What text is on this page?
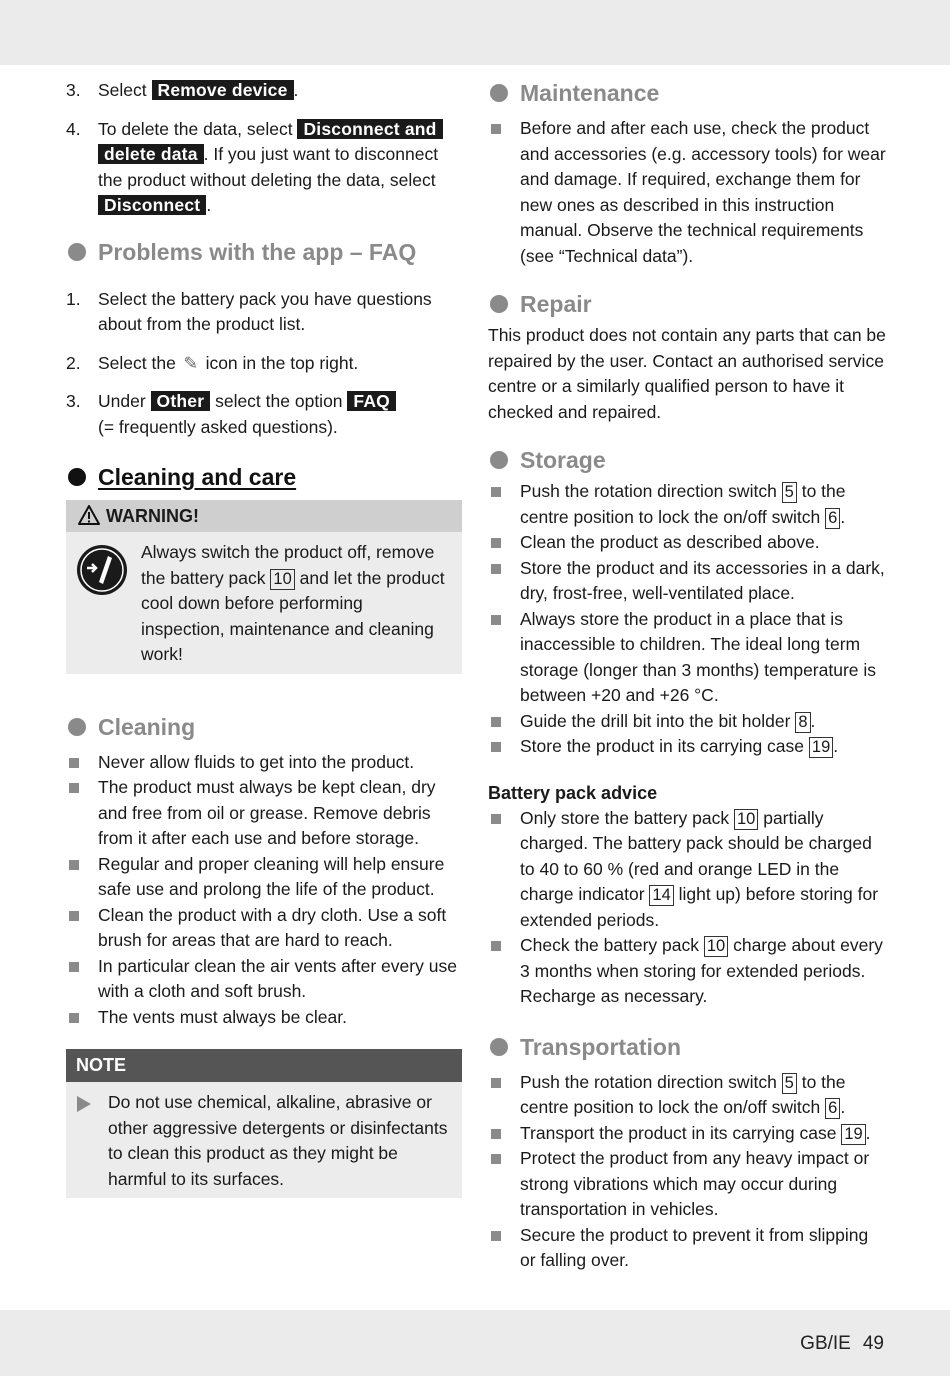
3. Select Remove device .
4. To delete the data, select Disconnect and delete data . If you just want to disconnect the product without deleting the data, select Disconnect .
Problems with the app – FAQ
1. Select the battery pack you have questions about from the product list.
2. Select the ✎ icon in the top right.
3. Under Other select the option FAQ
(= frequently asked questions).
Cleaning and care
WARNING!
Always switch the product off, remove the battery pack 10 and let the product cool down before performing inspection, maintenance and cleaning work!
Cleaning
Never allow fluids to get into the product.
The product must always be kept clean, dry and free from oil or grease. Remove debris from it after each use and before storage.
Regular and proper cleaning will help ensure safe use and prolong the life of the product.
Clean the product with a dry cloth. Use a soft brush for areas that are hard to reach.
In particular clean the air vents after every use with a cloth and soft brush.
The vents must always be clear.
NOTE
Do not use chemical, alkaline, abrasive or other aggressive detergents or disinfectants to clean this product as they might be harmful to its surfaces.
Maintenance
Before and after each use, check the product and accessories (e.g. accessory tools) for wear and damage. If required, exchange them for new ones as described in this instruction manual. Observe the technical requirements (see “Technical data”).
Repair
This product does not contain any parts that can be repaired by the user. Contact an authorised service centre or a similarly qualified person to have it checked and repaired.
Storage
Push the rotation direction switch 5 to the centre position to lock the on/off switch 6 .
Clean the product as described above.
Store the product and its accessories in a dark, dry, frost-free, well-ventilated place.
Always store the product in a place that is inaccessible to children. The ideal long term storage (longer than 3 months) temperature is between +20 and +26 °C.
Guide the drill bit into the bit holder 8 .
Store the product in its carrying case 19 .
Battery pack advice
Only store the battery pack 10 partially charged. The battery pack should be charged to 40 to 60 % (red and orange LED in the charge indicator 14 light up) before storing for extended periods.
Check the battery pack 10 charge about every 3 months when storing for extended periods. Recharge as necessary.
Transportation
Push the rotation direction switch 5 to the centre position to lock the on/off switch 6 .
Transport the product in its carrying case 19 .
Protect the product from any heavy impact or strong vibrations which may occur during transportation in vehicles.
Secure the product to prevent it from slipping or falling over.
GB/IE 49
